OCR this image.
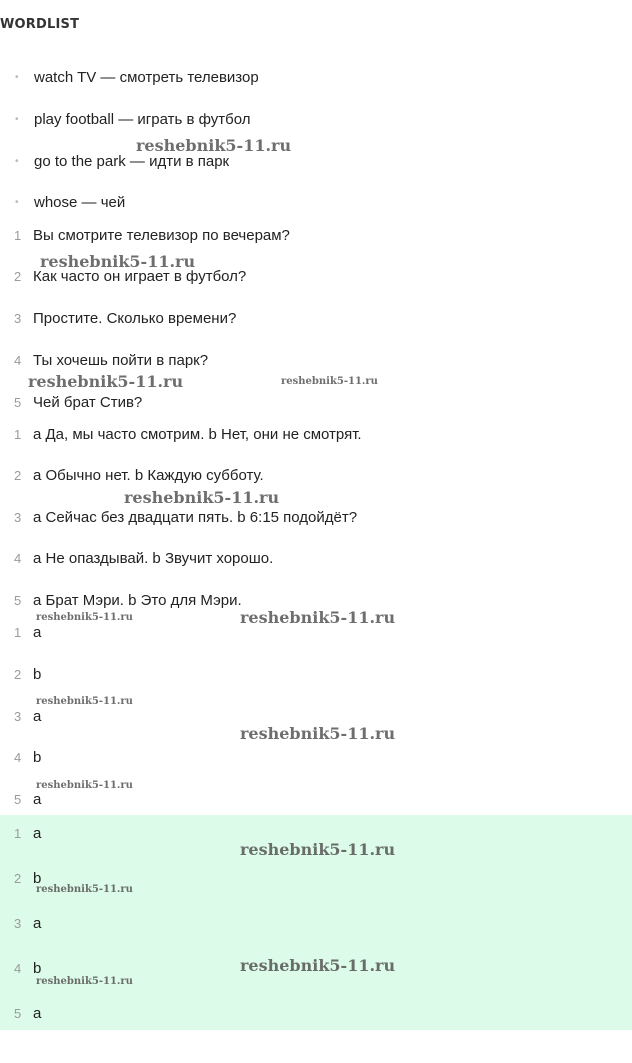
WORDLIST
•	watch TV — смотреть телевизор
•	play football — играть в футбол
•	go to the park — идти в парк
•	whose — чей
1 Вы смотрите телевизор по вечерам?
2 Как часто он играет в футбол?
3 Простите. Сколько времени?
4 Ты хочешь пойти в парк?
5 Чей брат Стив?
1 a Да, мы часто смотрим. b Нет, они не смотрят.
2 a Обычно нет. b Каждую субботу.
3 a Сейчас без двадцати пять. b 6:15 подойдёт?
4 a Не опаздывай. b Звучит хорошо.
5 a Брат Мэри. b Это для Мэри.
1 a
2 b
3 a
4 b
5 a
1 a
2 b
3 a
4 b
5 a
reshebnik5-11.ru
reshebnik5-11.ru
reshebnik5-11.ru	reshebnik5-11.ru
reshebnik5-11.ru
reshebnik5-11.ru	reshebnik5-11.ru
reshebnik5-11.ru
reshebnik5-11.ru
reshebnik5-11.ru
reshebnik5-11.ru
reshebnik5-11.ru
reshebnik5-11.ru
reshebnik5-11.ru
